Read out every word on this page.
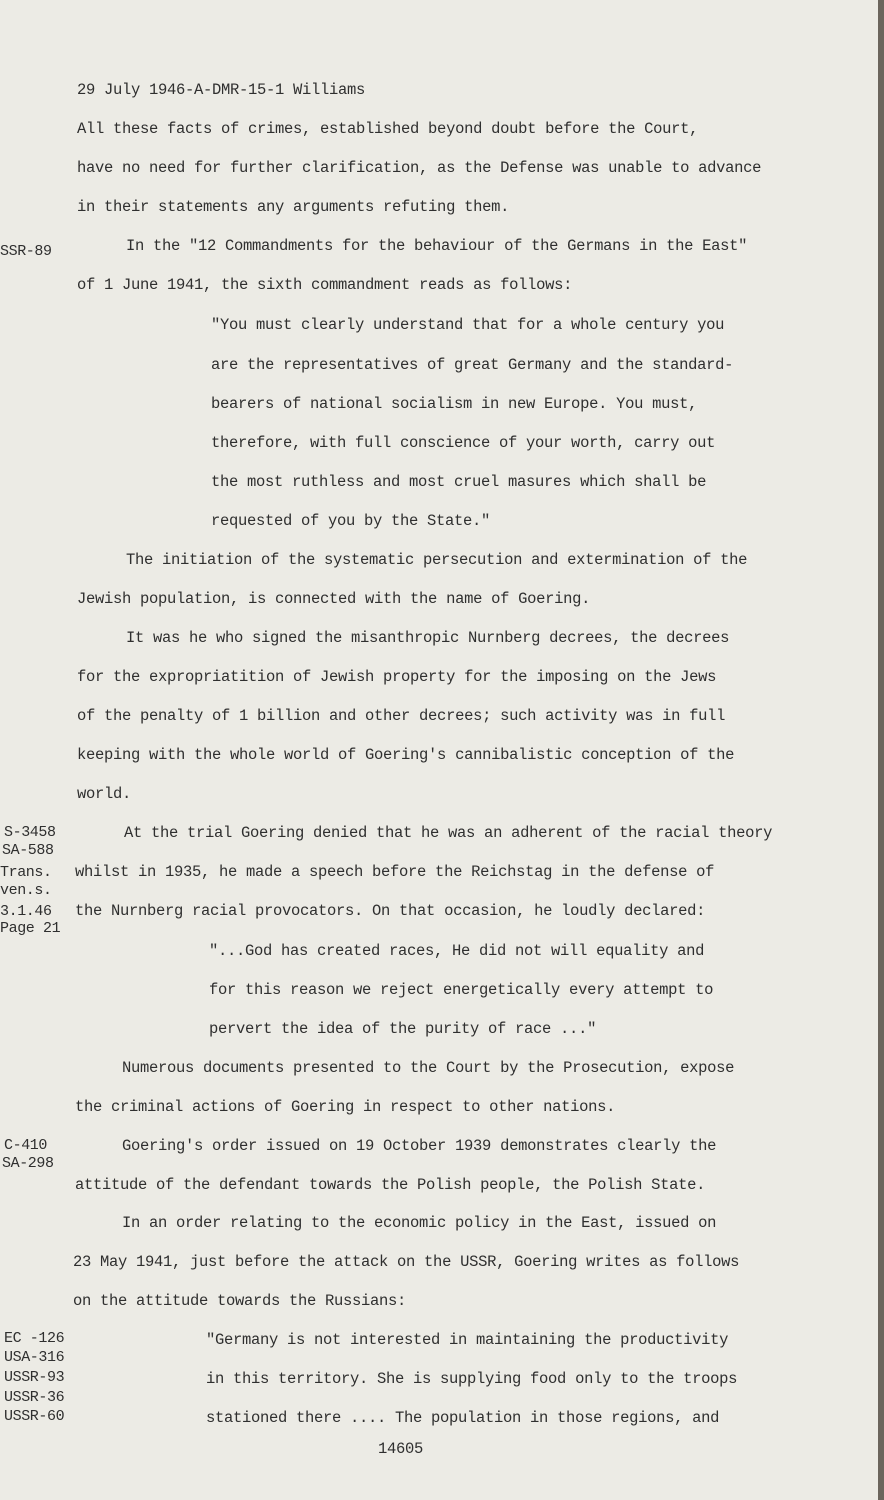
29 July 1946-A-DMR-15-1 Williams
SSR-89
S-3458
SA-588
Trans.
ven.s.
3.1.46
Page 21
C-410
SA-298
EC -126
USA-316
USSR-93
USSR-36
USSR-60
All these facts of crimes, established beyond doubt before the Court,
have no need for further clarification, as the Defense was unable to advance
in their statements any arguments refuting them.
In the "12 Commandments for the behaviour of the Germans in the East"
of 1 June 1941, the sixth commandment reads as follows:
"You must clearly understand that for a whole century you
are the representatives of great Germany and the standard-
bearers of national socialism in new Europe. You must,
therefore, with full conscience of your worth, carry out
the most ruthless and most cruel masures which shall be
requested of you by the State."
The initiation of the systematic persecution and extermination of the
Jewish population, is connected with the name of Goering.
It was he who signed the misanthropic Nurnberg decrees, the decrees
for the expropriatition of Jewish property for the imposing on the Jews
of the penalty of 1 billion and other decrees; such activity was in full
keeping with the whole world of Goering's cannibalistic conception of the
world.
At the trial Goering denied that he was an adherent of the racial theory
whilst in 1935, he made a speech before the Reichstag in the defense of
the Nurnberg racial provocators. On that occasion, he loudly declared:
"...God has created races, He did not will equality and
for this reason we reject energetically every attempt to
pervert the idea of the purity of race ..."
Numerous documents presented to the Court by the Prosecution, expose
the criminal actions of Goering in respect to other nations.
Goering's order issued on 19 October 1939 demonstrates clearly the
attitude of the defendant towards the Polish people, the Polish State.
In an order relating to the economic policy in the East, issued on
23 May 1941, just before the attack on the USSR, Goering writes as follows
on the attitude towards the Russians:
"Germany is not interested in maintaining the productivity
in this territory. She is supplying food only to the troops
stationed there .... The population in those regions, and
14605
